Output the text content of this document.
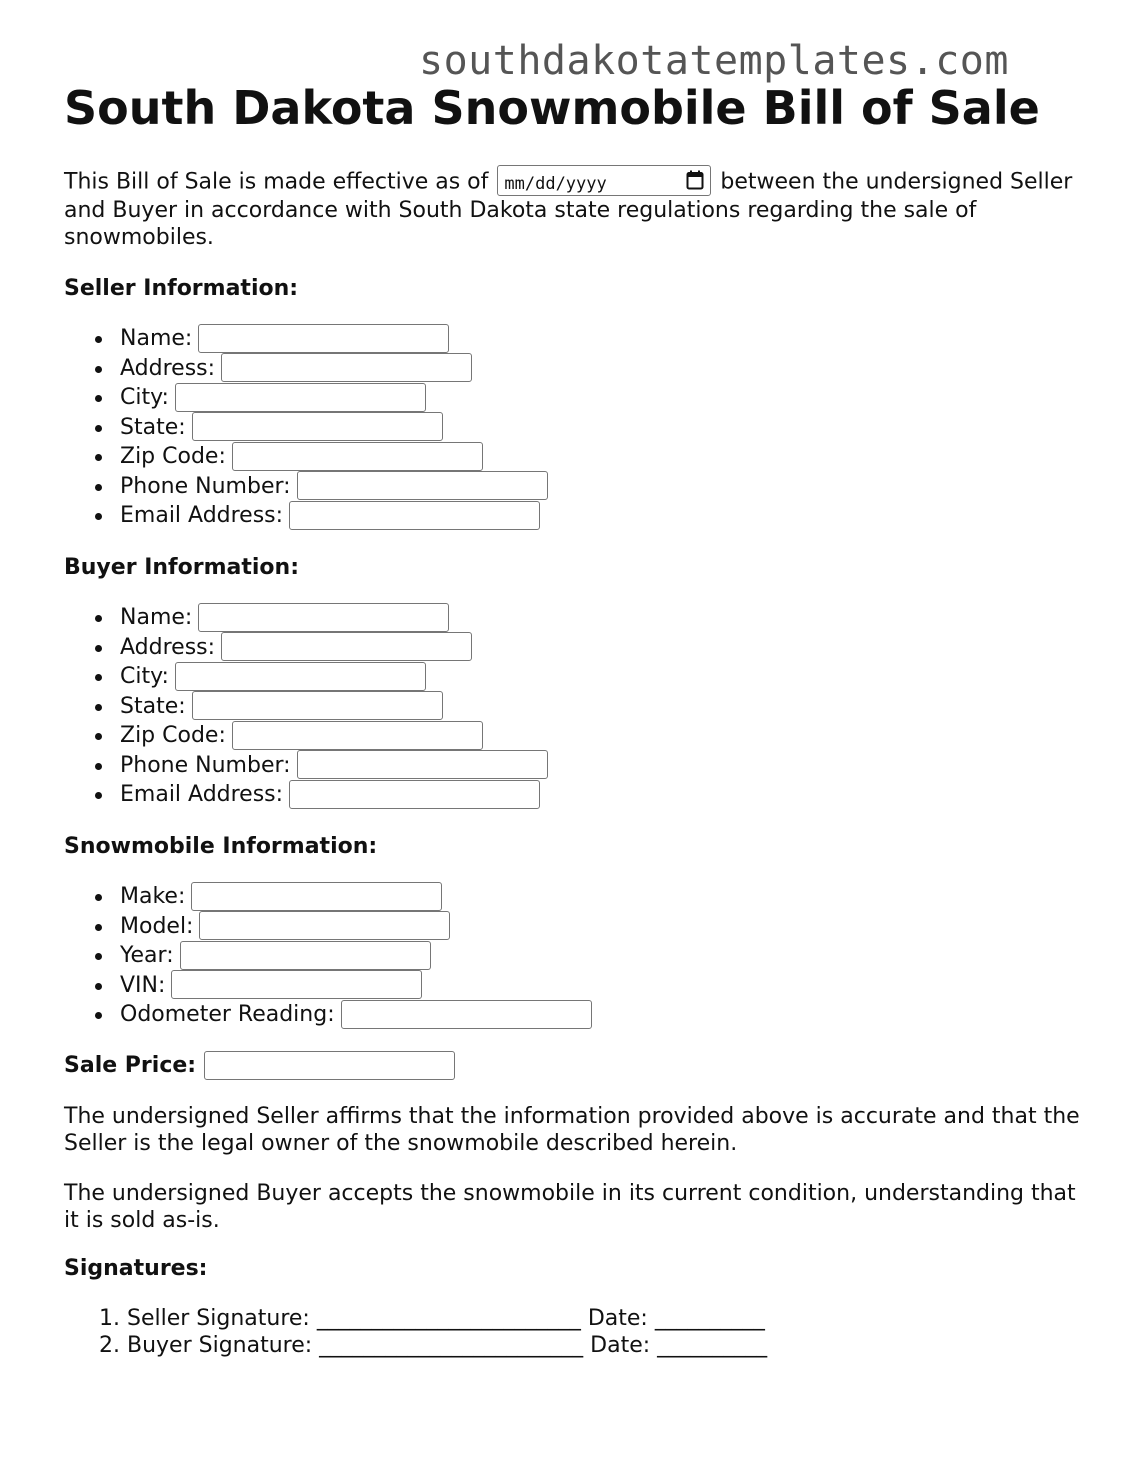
southdakotatemplates.com
South Dakota Snowmobile Bill of Sale

This Bill of Sale is made effective as of mm/dd/yyyy	between the undersigned Seller and Buyer in accordance with South Dakota state regulations regarding the sale of snowmobiles.

Seller Information:
Name:
Address:
City:
State:
Zip Code:
Phone Number:
Email Address:
Buyer Information:
Name:
Address:
City:
State:
Zip Code:
Phone Number:
Email Address:
Snowmobile Information:
Make:
Model:
Year:
VIN:
Odometer Reading:
Sale Price:

The undersigned Seller affirms that the information provided above is accurate and that the Seller is the legal owner of the snowmobile described herein.

The undersigned Buyer accepts the snowmobile in its current condition, understanding that it is sold as-is.

Signatures:
1. Seller Signature: ________________________ Date: __________
2. Buyer Signature: ________________________ Date: __________
